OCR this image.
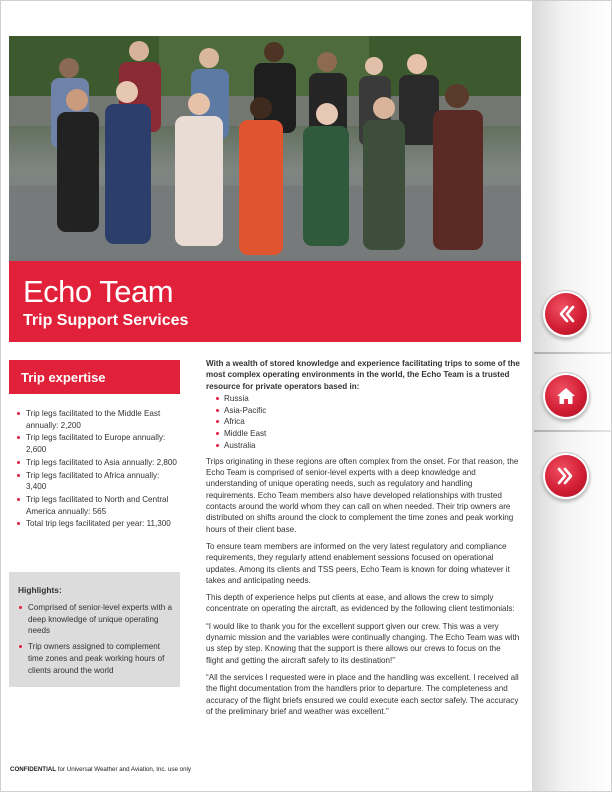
Echo Team
Trip Support Services
Trip expertise
Trip legs facilitated to the Middle East annually: 2,200
Trip legs facilitated to Europe annually: 2,600
Trip legs facilitated to Asia annually: 2,800
Trip legs facilitated to Africa annually: 3,400
Trip legs facilitated to North and Central America annually: 565
Total trip legs facilitated per year: 11,300
Highlights:
Comprised of senior-level experts with a deep knowledge of unique operating needs
Trip owners assigned to complement time zones and peak working hours of clients around the world

With a wealth of stored knowledge and experience facilitating trips to some of the most complex operating environments in the world, the Echo Team is a trusted resource for private operators based in:

Russia
Asia-Pacific
Africa
Middle East
Australia

Trips originating in these regions are often complex from the onset. For that reason, the Echo Team is comprised of senior-level experts with a deep knowledge and understanding of unique operating needs, such as regulatory and handling requirements. Echo Team members also have developed relationships with trusted contacts around the world whom they can call on when needed. Their trip owners are distributed on shifts around the clock to complement the time zones and peak working hours of their client base.

To ensure team members are informed on the very latest regulatory and compliance requirements, they regularly attend enablement sessions focused on operational updates. Among its clients and TSS peers, Echo Team is known for doing whatever it takes and anticipating needs.

This depth of experience helps put clients at ease, and allows the crew to simply concentrate on operating the aircraft, as evidenced by the following client testimonials:

“I would like to thank you for the excellent support given our crew. This was a very dynamic mission and the variables were continually changing. The Echo Team was with us step by step. Knowing that the support is there allows our crews to focus on the flight and getting the aircraft safely to its destination!”

“All the services I requested were in place and the handling was excellent. I received all the flight documentation from the handlers prior to departure. The completeness and accuracy of the flight briefs ensured we could execute each sector safely. The accuracy of the preliminary brief and weather was excellent.”

CONFIDENTIAL for Universal Weather and Aviation, Inc. use only
